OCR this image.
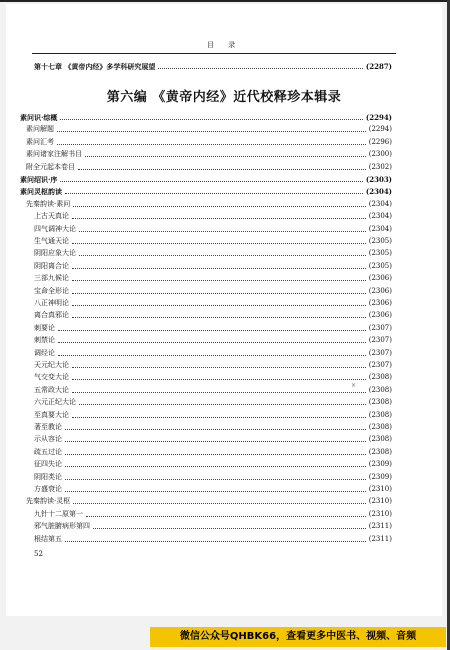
目 录
第十七章 《黄帝内经》多学科研究展望	(2287)
第六编 《黄帝内经》近代校释珍本辑录
素问识·综概	(2294)
素问解题	(2294)
素问汇考	(2296)
素问诸家注解书目	(2300)
附全元起本卷目	(2302)
素问绍识·序	(2303)
素问灵枢韵读	(2304)
先秦韵读·素问	(2304)
上古天真论	(2304)
四气调神大论	(2304)
生气通天论	(2305)
阴阳应象大论	(2305)
阴阳离合论	(2305)
三部九候论	(2306)
宝命全形论	(2306)
八正神明论	(2306)
离合真邪论	(2306)
刺要论	(2307)
刺禁论	(2307)
调经论	(2307)
天元纪大论	(2307)
气交变大论	(2308)
五常政大论	(2308)
六元正纪大论	(2308)
至真要大论	(2308)
著至教论	(2308)
示从容论	(2308)
疏五过论	(2308)
征四失论	(2309)
阴阳类论	(2309)
方盛衰论	(2310)
先秦韵读·灵枢	(2310)
九针十二原第一	(2310)
邪气脏腑病形第四	(2311)
根结第五	(2311)
×
52
微信公众号QHBK66，查看更多中医书、视频、音频
